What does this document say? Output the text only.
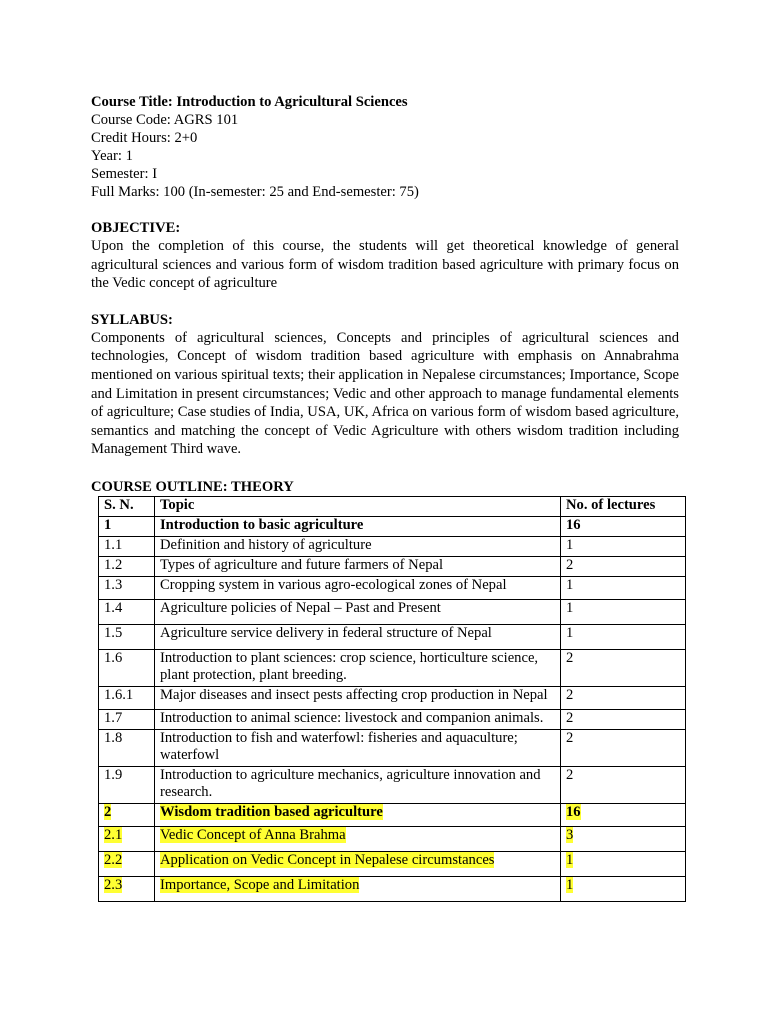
Course Title: Introduction to Agricultural Sciences
Course Code: AGRS 101
Credit Hours: 2+0
Year: 1
Semester: I
Full Marks: 100 (In-semester: 25 and End-semester: 75)
OBJECTIVE:
Upon the completion of this course, the students will get theoretical knowledge of general agricultural sciences and various form of wisdom tradition based agriculture with primary focus on the Vedic concept of agriculture
SYLLABUS:
Components of agricultural sciences, Concepts and principles of agricultural sciences and technologies, Concept of wisdom tradition based agriculture with emphasis on Annabrahma mentioned on various spiritual texts; their application in Nepalese circumstances; Importance, Scope and Limitation in present circumstances; Vedic and other approach to manage fundamental elements of agriculture; Case studies of India, USA, UK, Africa on various form of wisdom based agriculture, semantics and matching the concept of Vedic Agriculture with others wisdom tradition including Management Third wave.
COURSE OUTLINE: THEORY
S. N.	Topic	No. of lectures
1	Introduction to basic agriculture	16
1.1	Definition and history of agriculture	1
1.2	Types of agriculture and future farmers of Nepal	2
1.3	Cropping system in various agro-ecological zones of Nepal	1
1.4	Agriculture policies of Nepal – Past and Present	1
1.5	Agriculture service delivery in federal structure of Nepal	1
1.6	Introduction to plant sciences: crop science, horticulture science, plant protection, plant breeding.	2
1.6.1	Major diseases and insect pests affecting crop production in Nepal	2
1.7	Introduction to animal science: livestock and companion animals.	2
1.8	Introduction to fish and waterfowl: fisheries and aquaculture; waterfowl	2
1.9	Introduction to agriculture mechanics, agriculture innovation and research.	2
2	Wisdom tradition based agriculture	16
2.1	Vedic Concept of Anna Brahma	3
2.2	Application on Vedic Concept in Nepalese circumstances	1
2.3	Importance, Scope and Limitation	1
